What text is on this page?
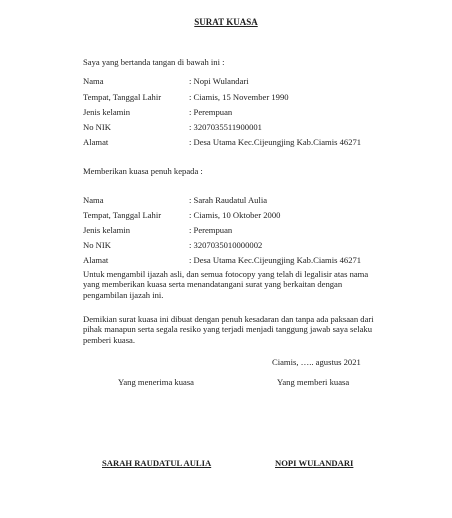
SURAT KUASA
Saya yang bertanda tangan di bawah ini :
Nama	: Nopi Wulandari
Tempat, Tanggal Lahir	: Ciamis, 15 November 1990
Jenis kelamin	: Perempuan
No NIK	: 3207035511900001
Alamat	: Desa Utama Kec.Cijeungjing Kab.Ciamis 46271
Memberikan kuasa penuh kepada :
Nama	: Sarah Raudatul Aulia
Tempat, Tanggal Lahir	: Ciamis, 10 Oktober 2000
Jenis kelamin	: Perempuan
No NIK	: 3207035010000002
Alamat	: Desa Utama Kec.Cijeungjing Kab.Ciamis 46271
Untuk mengambil ijazah asli, dan semua fotocopy yang telah di legalisir atas nama
yang memberikan kuasa serta menandatangani surat yang berkaitan dengan
pengambilan ijazah ini.
Demikian surat kuasa ini dibuat dengan penuh kesadaran dan tanpa ada paksaan dari
pihak manapun serta segala resiko yang terjadi menjadi tanggung jawab saya selaku
pemberi kuasa.
Ciamis, ….. agustus 2021
Yang menerima kuasa	Yang memberi kuasa
SARAH RAUDATUL AULIA	NOPI WULANDARI
